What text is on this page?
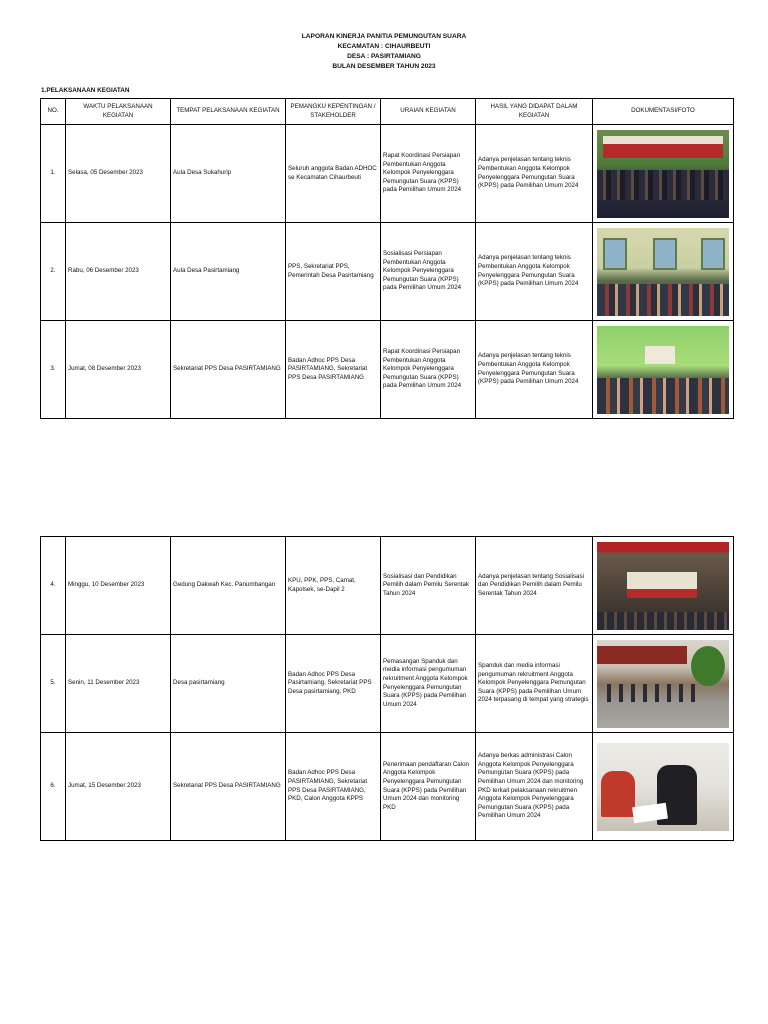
LAPORAN KINERJA PANITIA PEMUNGUTAN SUARA
KECAMATAN : CIHAURBEUTI
DESA : PASIRTAMIANG
BULAN DESEMBER TAHUN 2023
1.PELAKSANAAN KEGIATAN
NO.	WAKTU PELAKSANAAN KEGIATAN	TEMPAT PELAKSANAAN KEGIATAN	PEMANGKU KEPENTINGAN / STAKEHOLDER	URAIAN KEGIATAN	HASIL YANG DIDAPAT DALAM KEGIATAN	DOKUMENTASI/FOTO
1.	Selasa, 05 Desember 2023	Aula Desa Sukahurip	Seluruh anggota Badan ADHOC se Kecamatan Cihaurbeuti	Rapat Koordinasi Persiapan Pembentukan Anggota Kelompok Penyelenggara Pemungutan Suara (KPPS) pada Pemilihan Umum 2024	Adanya penjelasan tentang teknis Pembentukan Anggota Kelompok Penyelenggara Pemungutan Suara (KPPS) pada Pemilihan Umum 2024	

2.	Rabu, 06 Desember 2023	Aula Desa Pasirtamiang	PPS, Sekretariat PPS, Pemerintah Desa Pasirtamiang	Sosialisasi Persiapan Pembentukan Anggota Kelompok Penyelenggara Pemungutan Suara (KPPS) pada Pemilihan Umum 2024	Adanya penjelasan tentang teknis Pembentukan Anggota Kelompok Penyelenggara Pemungutan Suara (KPPS) pada Pemilihan Umum 2024	

3.	Jumat, 08 Desember 2023	Sekretariat PPS Desa PASIRTAMIANG	Badan Adhoc PPS Desa PASIRTAMIANG, Sekretariat PPS Desa PASIRTAMIANG	Rapat Koordinasi Persiapan Pembentukan Anggota Kelompok Penyelenggara Pemungutan Suara (KPPS) pada Pemilihan Umum 2024	Adanya penjelasan tentang teknis Pembentukan Anggota Kelompok Penyelenggara Pemungutan Suara (KPPS) pada Pemilihan Umum 2024	
4.	Minggu, 10 Desember 2023	Gedung Dakwah Kec. Panumbangan	KPU, PPK, PPS, Camat, Kapolsek, se-Dapil 2	Sosialisasi dan Pendidikan Pemilih dalam Pemilu Serentak Tahun 2024	Adanya penjelasan tentang Sosialisasi dan Pendidikan Pemilih dalam Pemilu Serentak Tahun 2024	

5.	Senin, 11 Desember 2023	Desa pasirtamiang	Badan Adhoc PPS Desa Pasirtamiang, Sekretariat PPS Desa pasirtamiang, PKD	Pemasangan Spanduk dan media informasi pengumuman rekruitment Anggota Kelompok Penyelenggara Pemungutan Suara (KPPS) pada Pemilihan Umum 2024	Spanduk dan media informasi pengumuman rekruitment Anggota Kelompok Penyelenggara Pemungutan Suara (KPPS) pada Pemilihan Umum 2024 terpasang di tempat yang strategis	

6.	Jumat, 15 Desember 2023	Sekretariat PPS Desa PASIRTAMIANG	Badan Adhoc PPS Desa PASIRTAMIANG, Sekretariat PPS Desa PASIRTAMIANG, PKD, Calon Anggota KPPS	Penerimaan pendaftaran Calon Anggota Kelompok Penyelenggara Pemungutan Suara (KPPS) pada Pemilihan Umum 2024 dan monitoring PKD	Adanya berkas administrasi Calon Anggota Kelompok Penyelenggara Pemungutan Suara (KPPS) pada Pemilihan Umum 2024 dan monitoring PKD terkait pelaksanaan rekruitmen Anggota Kelompok Penyelenggara Pemungutan Suara (KPPS) pada Pemilihan Umum 2024	
